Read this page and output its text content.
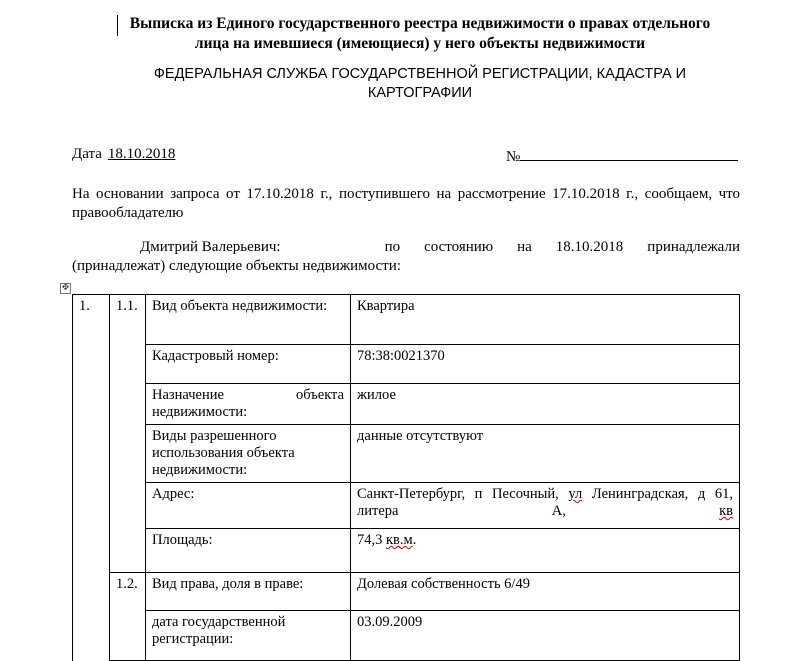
Выписка из Единого государственного реестра недвижимости о правах отдельного
лица на имевшиеся (имеющиеся) у него объекты недвижимости
ФЕДЕРАЛЬНАЯ СЛУЖБА ГОСУДАРСТВЕННОЙ РЕГИСТРАЦИИ, КАДАСТРА И
КАРТОГРАФИИ
Дата 18.10.2018	№
На основании запроса от 17.10.2018 г., поступившего на рассмотрение 17.10.2018 г., сообщаем, что правообладателю
Дмитрий Валерьевич:	по состоянию на 18.10.2018 принадлежали
(принадлежат) следующие объекты недвижимости:
✥
1.	1.1.	Вид объекта недвижимости:	Квартира
		Кадастровый номер:	78:38:0021370
		Назначение объекта недвижимости:	жилое
		Виды разрешенного использования объекта недвижимости:	данные отсутствуют
		Адрес:	Санкт-Петербург, п Песочный, ул Ленинградская, д 61, литера А, кв
		Площадь:	74,3 кв.м.
	1.2.	Вид права, доля в праве:	Долевая собственность 6/49
		дата государственной регистрации:	03.09.2009
